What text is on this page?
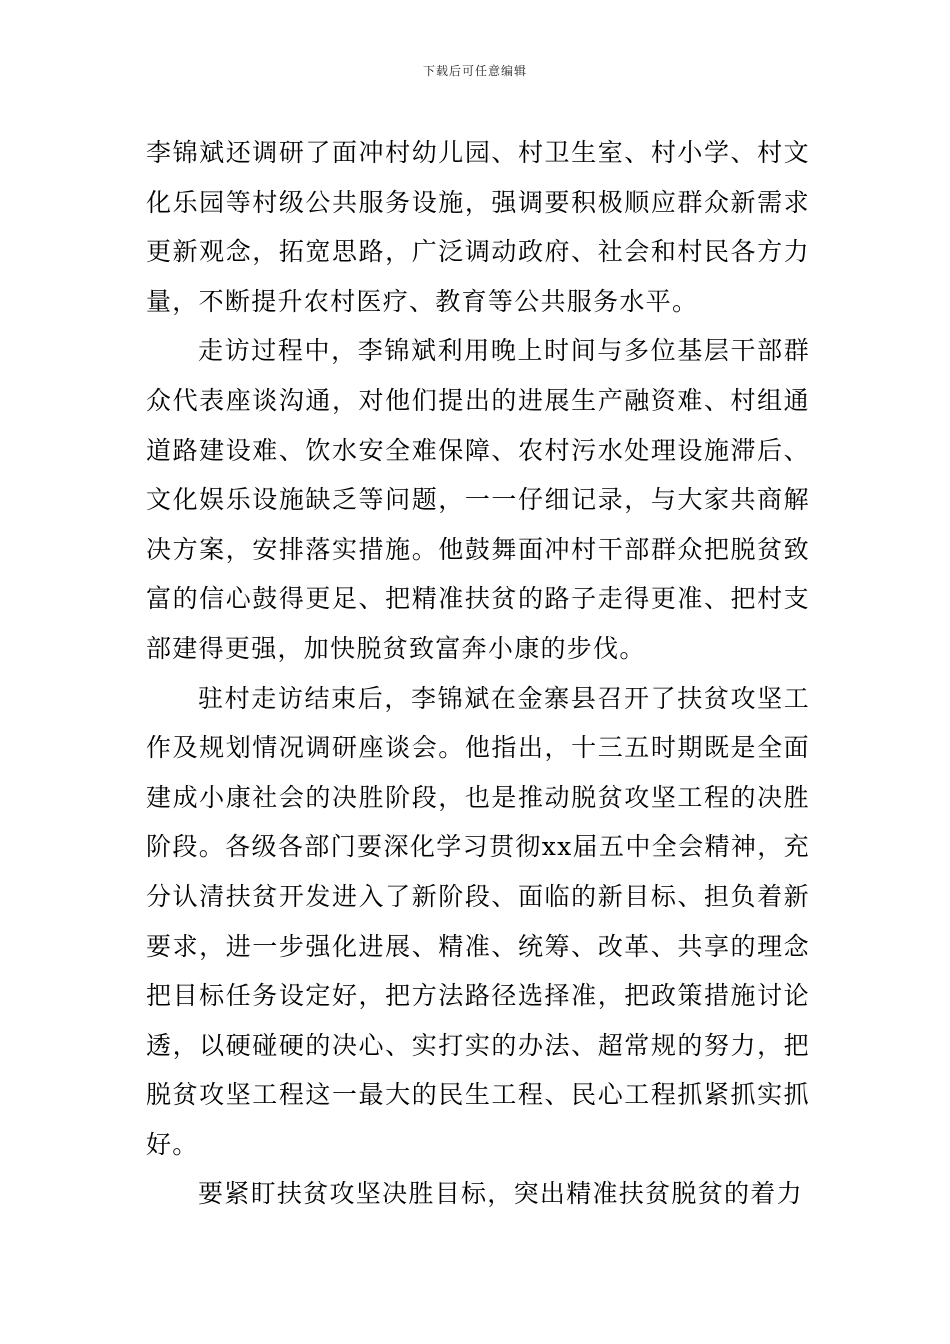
下载后可任意编辑

李锦斌还调研了面冲村幼儿园、村卫生室、村小学、村文化乐园等村级公共服务设施，强调要积极顺应群众新需求更新观念，拓宽思路，广泛调动政府、社会和村民各方力量，不断提升农村医疗、教育等公共服务水平。

走访过程中，李锦斌利用晚上时间与多位基层干部群众代表座谈沟通，对他们提出的进展生产融资难、村组通道路建设难、饮水安全难保障、农村污水处理设施滞后、文化娱乐设施缺乏等问题，一一仔细记录，与大家共商解决方案，安排落实措施。他鼓舞面冲村干部群众把脱贫致富的信心鼓得更足、把精准扶贫的路子走得更准、把村支部建得更强，加快脱贫致富奔小康的步伐。

驻村走访结束后，李锦斌在金寨县召开了扶贫攻坚工作及规划情况调研座谈会。他指出，十三五时期既是全面建成小康社会的决胜阶段，也是推动脱贫攻坚工程的决胜阶段。各级各部门要深化学习贯彻xx届五中全会精神，充分认清扶贫开发进入了新阶段、面临的新目标、担负着新要求，进一步强化进展、精准、统筹、改革、共享的理念把目标任务设定好，把方法路径选择准，把政策措施讨论透，以硬碰硬的决心、实打实的办法、超常规的努力，把脱贫攻坚工程这一最大的民生工程、民心工程抓紧抓实抓好。

要紧盯扶贫攻坚决胜目标，突出精准扶贫脱贫的着力
